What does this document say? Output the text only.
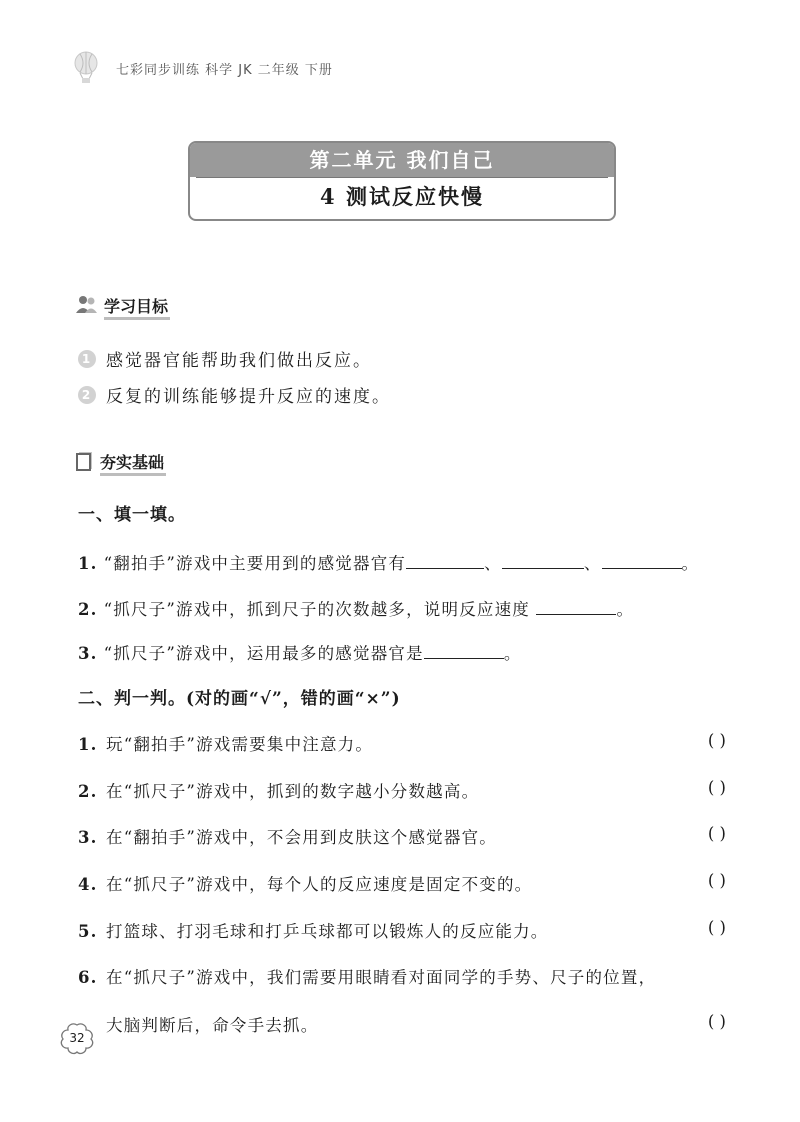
七彩同步训练 科学 JK 二年级 下册
第二单元 我们自己
4 测试反应快慢
学习目标
1 感觉器官能帮助我们做出反应。
2 反复的训练能够提升反应的速度。
夯实基础
一、填一填。
1. “翻拍手”游戏中主要用到的感觉器官有	、	、	。
2. “抓尺子”游戏中，抓到尺子的次数越多，说明反应速度	。
3. “抓尺子”游戏中，运用最多的感觉器官是	。
二、判一判。(对的画“√”，错的画“×”)
1. 玩“翻拍手”游戏需要集中注意力。	( )
2. 在“抓尺子”游戏中，抓到的数字越小分数越高。	( )
3. 在“翻拍手”游戏中，不会用到皮肤这个感觉器官。	( )
4. 在“抓尺子”游戏中，每个人的反应速度是固定不变的。	( )
5. 打篮球、打羽毛球和打乒乓球都可以锻炼人的反应能力。	( )
6. 在“抓尺子”游戏中，我们需要用眼睛看对面同学的手势、尺子的位置，
大脑判断后，命令手去抓。	( )
32
